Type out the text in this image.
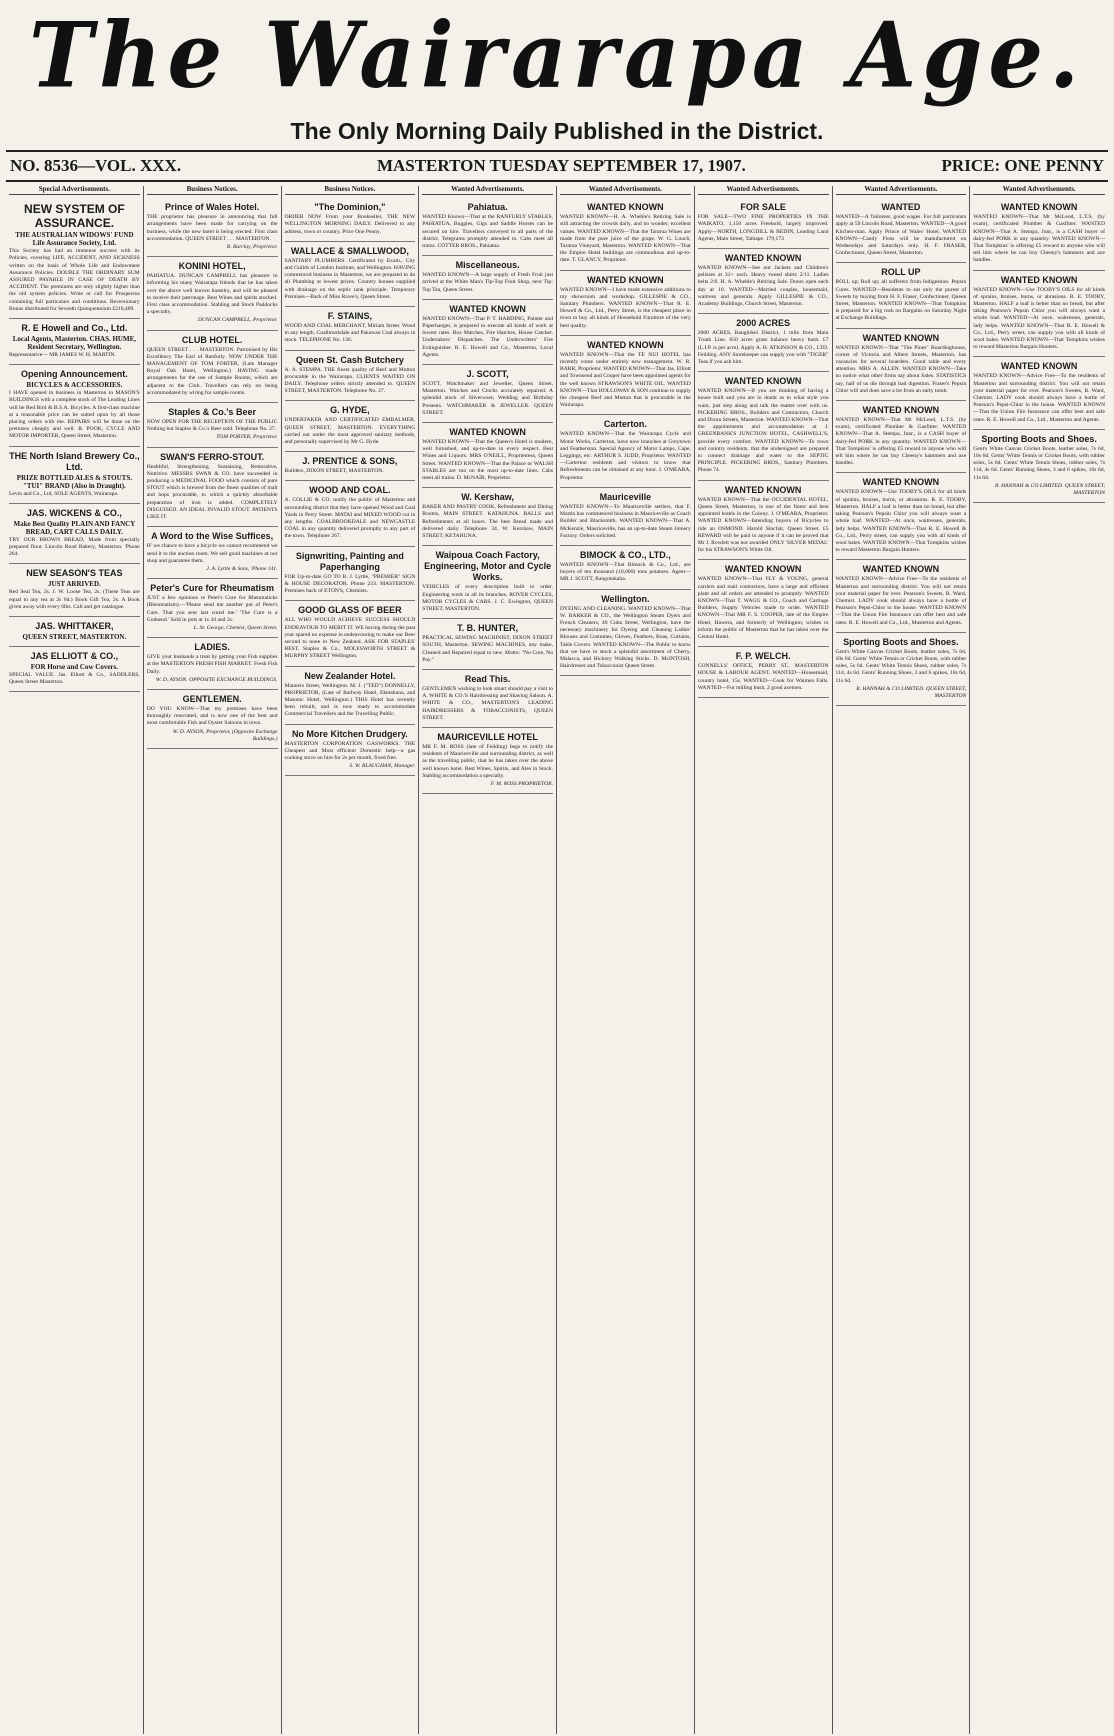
The Wairarapa Age.
The Only Morning Daily Published in the District.
NO. 8536—VOL. XXX.	MASTERTON TUESDAY SEPTEMBER 17, 1907.	PRICE: ONE PENNY
Special Advertisements.
NEW SYSTEM OF ASSURANCE.
THE AUSTRALIAN WIDOWS' FUND Life Assurance Society, Ltd.

This Society has had an immense success with its Policies, covering LIFE, ACCIDENT, AND SICKNESS written on the basis of Whole Life and Endowment Assurance Policies. DOUBLE THE ORDINARY SUM ASSURED PAYABLE IN CASE OF DEATH BY ACCIDENT. The premiums are only slightly higher than the old system policies. Write or call for Prospectus containing full particulars and conditions. Reversionary Bonus distributed for Seventh Quinquennium £210,489.

R. E Howell and Co., Ltd.
Local Agents, Masterton. CHAS. HUME, Resident Secretary, Wellington.

Representative— MR JAMES W. H. MARTIN.

Opening Announcement.
BICYCLES & ACCESSORIES.

I HAVE opened in business in Masterton in MASON'S BUILDINGS with a complete stock of The Leading Lines will be Red Bird & B.S.A. Bicycles. A first-class machine at a reasonable price can be suited upon by all those placing orders with me. REPAIRS will be done on the premises cheaply and well. R. POOK, CYCLE AND MOTOR IMPORTER, Queen Street, Masterton.

THE North Island Brewery Co., Ltd.
PRIZE BOTTLED ALES & STOUTS. "TUI" BRAND (Also in Draught).

Levin and Co., Ltd, SOLE AGENTS, Wairarapa.

JAS. WICKENS & CO.,
Make Best Quality PLAIN AND FANCY BREAD, CART CALLS DAILY.

TRY OUR BROWN BREAD, Made from specially prepared flour. Lincoln Road Bakery, Masterton. 'Phone 264.

NEW SEASON'S TEAS
JUST ARRIVED.

Red Seal Tea, 2s. J. W. Loose Tea, 2s. (These Teas are equal to any tea at 2s 6d.) Book Gift Tea, 2s. A Book given away with every 6lbs. Call and get catalogue.

JAS. WHITTAKER,
QUEEN STREET, MASTERTON.

JAS ELLIOTT & CO.,
FOR Horse and Cow Covers.

SPECIAL VALUE. Jas. Elliott & Co., SADDLERS, Queen Street Masterton.

Business Notices.
Prince of Wales Hotel.

THE proprietor has pleasure in announcing that full arrangements have been made for carrying on the business, while the new hotel is being erected. First class accommodation. QUEEN STREET . . . MASTERTON.

R. Barclay, Proprietor.

KONINI HOTEL,

PAHIATUA. DUNCAN CAMPBELL has pleasure in informing his many Wairarapa friends that he has taken over the above well known hostelry, and will be pleased to receive their patronage. Best Wines and spirits stocked. First class accommodation. Stabling and Stock Paddocks a specialty.

DUNCAN CAMPBELL, Proprietor.

CLUB HOTEL.

QUEEN STREET . . . MASTERTON. Patronised by His Excellency The Earl of Ranfurly. NOW UNDER THE MANAGEMENT OF TOM FORTER, (Late Manager Royal Oak Hotel, Wellington.) HAVING made arrangements for the use of Sample Rooms, which are adjacent to the Club. Travellers can rely on being accommodated by wiring for sample rooms.

Staples & Co.'s Beer

NOW OPEN FOR THE RECEPTION OF THE PUBLIC Nothing but Staples & Co.'s Beer sold. Telephone No. 27.

TOM PORTER, Proprietor.

SWAN'S FERRO-STOUT.

Healthful, Strengthening, Sustaining, Restorative, Nutritive. MESSRS SWAN & CO. have succeeded in producing a MEDICINAL FOOD which consists of pure STOUT which is brewed from the finest qualities of malt and hops procurable, to which a quickly absorbable preparation of iron is added. COMPLETELY DISGUISED. AN IDEAL INVALID STOUT. PATIENTS LIKE IT.

A Word to the Wise Suffices,

IF we chance to have a bicycle we cannot recommend we send it to the auction room. We sell good machines at our shop and guarantee them.

J. A. Lyttle & Sons, 'Phone 141.

Peter's Cure for Rheumatism

JUST a few opinions re Peter's Cure for Rheumaticks (Rheumatism).—'Please send me another pot of Peter's Cure. That you sent last cured me.' 'The Cure is a Godsend.' Sold in pots at 1s 3d and 2s.

L. St. George, Chemist, Queen Street.

LADIES.

GIVE your husbands a treat by getting your Fish supplies at the MASTERTON FRESH FISH MARKET. Fresh Fish Daily.

W. D. AYSON. OPPOSITE EXCHANGE BUILDINGS.

GENTLEMEN.

DO YOU KNOW—That my premises have been thoroughly renovated, and is now one of the best and most comfortable Fish and Oyster Saloons in town.

W. D. AYSON, Proprietor, (Opposite Exchange Buildings.)

Business Notices.
"The Dominion,"

ORDER NOW From your Bookseller, THE NEW WELLINGTON MORNING DAILY. Delivered to any address, town or country. Price One Penny.

WALLACE & SMALLWOOD,

SANITARY PLUMBERS. Certificated by Exam., City and Guilds of London Institute, and Wellington. HAVING commenced business in Masterton, we are prepared to do all Plumbing at lowest prices. Country houses supplied with drainage on the septic tank principle. Temporary Premises—Back of Miss Rowe's, Queen Street.

F. STAINS,

WOOD AND COAL MERCHANT, Miriam Street. Wood in any length. Coalbrookdale and Pakawau Coal always in stock. TELEPHONE No. 136.

Queen St. Cash Butchery

A. A. STEMPA. THE finest quality of Beef and Mutton procurable in the Wairarapa. CLIENTS WAITED ON DAILY. Telephone orders strictly attended to. QUEEN STREET, MASTERTON. Telephone No. 27.

G. HYDE,

UNDERTAKER AND CERTIFICATED EMBALMER, QUEEN STREET, MASTERTON. EVERYTHING carried out under the most approved sanitary methods, and personally supervised by Mr G. Hyde.

J. PRENTICE & SONS,

Builders, DIXON STREET, MASTERTON.

WOOD AND COAL.

A. COLLIE & CO. notify the public of Masterton and surrounding district that they have opened Wood and Coal Yards in Perry Street. MATAI and MIXED WOOD cut in any lengths. COALBROOKDALE and NEWCASTLE COAL in any quantity delivered promptly to any part of the town. Telephone 267.

Signwriting, Painting and Paperhanging

FOR Up-to-date GO TO R. J. Lyttle, "PREMIER" SIGN & HOUSE DECORATOR. Phone 233. MASTERTON. Premises back of ETON'S, Chemists.

GOOD GLASS OF BEER

ALL WHO WOULD ACHIEVE SUCCESS SHOULD ENDEAVOUR TO MERIT IT. WE having during the past year spared no expense in endeavouring to make our Beer second to none in New Zealand. ASK FOR STAPLES' BEST. Staples & Co., MOLESWORTH STREET & MURPHY STREET Wellington.

New Zealander Hotel.

Manners Street, Wellington. M. J. ("TED") DONNELLY, PROPRIETOR, (Late of Railway Hotel, Eketahuna, and Masonic Hotel, Wellington.) THIS Hotel has recently been rebuilt, and is now ready to accommodate Commercial Travellers and the Travelling Public.

No More Kitchen Drudgery.

MASTERTON CORPORATION GASWORKS. THE Cheapest and Most efficient Domestic help—a gas cooking stove on hire for 2s per month, fixed free.

S. W. BLAUGHAN, Manager.

Wanted Advertisements.
Pahiatua.

WANTED Known—That at the RANFURLY STABLES, PAHIATUA, Buggies, Gigs and Saddle Horses can be secured on hire. Travellers conveyed to all parts of the district. Telegrams promptly attended to. Cabs meet all trains. COTTER BROS., Pahiatua.

Miscellaneous.

WANTED KNOWN—A large supply of Fresh Fruit just arrived at the White Man's Tip-Top Fruit Shop, next Tip-Top Tea, Queen Street.

WANTED KNOWN

WANTED KNOWN—That P. T. HARDING, Painter and Paperhanger, is prepared to execute all kinds of work at lowest rates. Box Matches, Fire Hatches, House Catcher. Undertakers' Dispatches. The Underwriters' Fire Extinguisher. R. E. Howell and Co., Masterton, Local Agents.

J. SCOTT,

SCOTT, Watchmaker and Jeweller, Queen Street, Masterton. Watches and Clocks accurately repaired. A splendid stock of Silverware, Wedding and Birthday Presents. WATCHMAKER & JEWELLER. QUEEN STREET.

WANTED KNOWN

WANTED KNOWN—That the Queen's Hotel is modern, well furnished, and up-to-date in every respect. Best Wines and Liquors. MRS O'NEILL, Proprietress, Queen Street. WANTED KNOWN—That the Palace or WALSH STABLES are run on the most up-to-date lines. Cabs meet all trains. D. McNAIR, Proprietor.

W. Kershaw,

BAKER AND PASTRY COOK, Refreshment and Dining Rooms, MAIN STREET. KATAHUNA. BALLS and Refreshments at all hours. The best Bread made and delivered daily. Telephone 34. W. Kershaw, MAIN STREET, KETAHUNA.

Waipoua Coach Factory, Engineering, Motor and Cycle Works.

VEHICLES of every description built to order. Engineering work in all its branches. ROVER CYCLES, MOTOR CYCLES & CARS. J. C. Ewington, QUEEN STREET, MASTERTON.

T. B. HUNTER,

PRACTICAL SEWING MACHINIST, DIXON STREET SOUTH, Masterton. SEWING MACHINES, any make, Cleaned and Repaired equal to new. Motto: "No Cure, No Pay."

Read This.

GENTLEMEN wishing to look smart should pay a visit to A. WHITE & CO.'S Hairdressing and Shaving Saloon. A. WHITE & CO., MASTERTON'S LEADING HAIRDRESSERS & TOBACCONISTS, QUEEN STREET.

MAURICEVILLE HOTEL

MR F. M. ROSS (late of Feilding) begs to notify the residents of Mauriceville and surrounding district, as well as the travelling public, that he has taken over the above well known hotel. Best Wines, Spirits, and Ales in Stock. Stabling accommodation a specialty.

F. M. ROSS PROPRIETOR.

Wanted Advertisements.
WANTED KNOWN

WANTED KNOWN—H. A. Wheble's Retiring Sale is still attracting the crowds daily, and no wonder, excellent values. WANTED KNOWN—That the Tararua Wines are made from the pure juice of the grape. W. G. Louch, Tararua Vineyard, Masterton. WANTED KNOWN—That the Empire Hotel buildings are commodious and up-to-date. T. GLANCY, Proprietor.

WANTED KNOWN

WANTED KNOWN—I have made extensive additions to my showroom and workshop. GILLESPIE & CO., Sanitary Plumbers. WANTED KNOWN—That R. E. Howell & Co., Ltd., Perry Street, is the cheapest place in town to buy all kinds of Household Furniture of the very best quality.

WANTED KNOWN

WANTED KNOWN—That the TE NUI HOTEL has recently come under entirely new management. W. R. BARR, Proprietor. WANTED KNOWN—That Jas. Elliott and Townsend and Cooper have been appointed agents for the well known STRAWSON'S WHITE OIL. WANTED KNOWN—That HOLLOWAY & SON continue to supply the cheapest Beef and Mutton that is procurable in the Wairarapa.

Carterton.

WANTED KNOWN—That the Wairarapa Cycle and Motor Works, Carterton, have now branches at Greytown and Featherston. Special Agency of Motor Lamps, Cape, Leggings, etc. ARTHUR S. JUDD, Proprietor. WANTED—Carterton residents and visitors to know that Refreshments can be obtained at any hour. J. O'MEARA, Proprietor.

Mauriceville

WANTED KNOWN—To Mauriceville settlers, that F. Martin has commenced business in Mauriceville as Coach Builder and Blacksmith. WANTED KNOWN—That A. McKenzie, Mauriceville, has an up-to-date Steam Joinery Factory. Orders solicited.

BIMOCK & CO., LTD.,

WANTED KNOWN—That Bimock & Co., Ltd., are buyers of ten thousand (10,000) tons potatoes. Agent—MR J. SCOTT, Rangotukaha.

Wellington.

DYEING AND CLEANING. WANTED KNOWN—That W. BARKER & CO., the Wellington Steam Dyers and French Cleaners, 46 Cuba Street, Wellington, have the necessary machinery for Dyeing and Cleaning Ladies' Blouses and Costumes, Gloves, Feathers, Boas, Curtains, Table Covers. WANTED KNOWN—The Public to know that we have in stock a splendid assortment of Cherry, Malacca, and Hickory Walking Sticks. D. McINTOSH, Hairdresser and Tobacconist Queen Street.

Wanted Advertisements.
FOR SALE

FOR SALE—TWO FINE PROPERTIES IN THE WAIKATO, 1,150 acres Freehold, largely improved. Apply—NORTH, LONGDILL & BEDIN, Leading Land Agents, Main Street, Taihape. 179,173

WANTED KNOWN

WANTED KNOWN—See our Jackets and Children's pelisses at 31/- each. Heavy tweed shirts 2/11. Ladies belts 2/6. H. A. Wheble's Retiring Sale. Doors open each day at 10. WANTED—Married couples, housemaid, waitress and generals. Apply GILLESPIE & CO., Academy Buildings, Church Street, Masterton.

2000 ACRES

2000 ACRES, Rangitikei District, 1 mile from Main Trunk Line. 850 acres grass balance heavy bush. £7 (L.I.P. is per acre). Apply A. H. ATKINSON & CO., LTD. Feilding. ANY Storekeeper can supply you with "TIGER" Teas if you ask him.

WANTED KNOWN

WANTED KNOWN—If you are thinking of having a house built and you are in doubt as to what style you want, just step along and talk the matter over with us. PICKERING BROS., Builders and Contractors, Church and Dixon Streets, Masterton. WANTED KNOWN—That the appointments and accommodation at J. GREENBANK'S JUNCTION HOTEL, CASHWELL'S, provide every comfort. WANTED KNOWN—To town and country residents, that the undersigned are prepared to connect drainage and water to the SEPTIC PRINCIPLE. PICKERING BROS., Sanitary Plumbers. Phone 74.

WANTED KNOWN

WANTED KNOWN—That the OCCIDENTAL HOTEL, Queen Street, Masterton, is one of the finest and best appointed hotels in the Colony. J. O'MEARA, Proprietor. WANTED KNOWN—Intending buyers of Bicycles to ride an OSMOND. Harold Sinclair, Queen Street. £5 REWARD will be paid to anyone if it can be proved that Mr J. Rowlett was not awarded ONLY 'SILVER MEDAL' for his STRAWSON'S White Oil.

WANTED KNOWN

WANTED KNOWN—That FLY & YOUNG, general carriers and mail contractors, have a large and efficient plant and all orders are attended to promptly. WANTED KNOWN—That T. WAGG & CO., Coach and Carriage Builders, Supply Vehicles made to order. WANTED KNOWN—That MR F. S. COOPER, late of the Empire Hotel, Hawera, and formerly of Wellington, wishes to inform the public of Masterton that he has taken over the Central Hotel.

F. P. WELCH.

CONNELLS' OFFICE, PERRY ST., MASTERTON HOUSE & LABOUR AGENT. WANTED—Housemaid, country hotel, 15s. WANTED—Cook for Waimea Falls. WANTED—For milling bush, 2 good axemen.

Wanted Advertisements.
WANTED

WANTED—A Tailoress, good wages. For full particulars apply at 59 Lincoln Road, Masterton. WANTED—A good Kitchen-man. Apply Prince of Wales' Hotel. WANTED KNOWN—Candy Floss will be manufactured on Wednesdays and Saturdays only. H. F. FRASER, Confectioner, Queen Street, Masterton.

ROLL UP

ROLL up; Roll up; all sufferers from Indigestion. Pepsin Cures. WANTED—Residents to eat only the purest of Sweets by buying from H. F. Fraser, Confectioner, Queen Street, Masterton. WANTED KNOWN—That Tompkins is prepared for a big rush on Bargains on Saturday Night at Exchange Buildings.

WANTED KNOWN

WANTED KNOWN—That "The Pines" Boardinghouse, corner of Victoria and Albert Streets, Masterton, has vacancies for several boarders. Good table and every attention. MRS A. ALLEN. WANTED KNOWN—Take no notice what other firms say about Sales. STATISTICS say, half of us die through bad digestion. Fraser's Pepsin Chlor will and does save a lot from an early tomb.

WANTED KNOWN

WANTED KNOWN—That Mr McLeod, L.T.S. (by exam), certificated Plumber & Gasfitter. WANTED KNOWN—That A. Stempa, Junr., is a CASH buyer of dairy-fed PORK in any quantity. WANTED KNOWN—That Tompkins' is offering £5 reward to anyone who will tell him where he can buy Cheeny's hammers and axe handles.

WANTED KNOWN

WANTED KNOWN—Use TOOBY'S OILS for all kinds of sprains, bruises, burns, or abrasions. R. E. TOOBY, Masterton. HALF a loaf is better than no bread, but after taking Pearson's Pepsin Chlor you will always want a whole loaf. WANTED—At once, waitresses, generals, lady helps. WANTED KNOWN—That R. E. Howell & Co., Ltd., Perry street, can supply you with all kinds of wool bales. WANTED KNOWN—That Tompkins wishes to reward Masterton Bargain Hunters.

WANTED KNOWN

WANTED KNOWN—Advice Free—To the residents of Masterton and surrounding district. You will not retain your material paper for ever. Pearson's Sweets, R. Ward, Chemist. LADY cook should always have a bottle of Pearson's Pepsi-Chlor in the house. WANTED KNOWN—That the Union Fire Insurance can offer best and safe rates. R. E. Howell and Co., Ltd., Masterton and Agents.

Sporting Boots and Shoes.

Gent's White Canvas Cricket Boots, leather soles, 7s 6d, 10s 6d. Gents' White Tennis or Cricket Boots, with rubber soles, 5s 6d. Gents' White Tennis Shoes, rubber soles, 7s 11d, 4s 6d. Gents' Running Shoes, 3 and 6 spikes, 10s 6d, 11s 6d.

R. HANNAH & CO LIMITED. QUEEN STREET, MASTERTON

Wanted Advertisements.
WANTED KNOWN

WANTED KNOWN—That Mr McLeod, L.T.S. (by exam), certificated Plumber & Gasfitter. WANTED KNOWN—That A. Stempa, Junr., is a CASH buyer of dairy-fed PORK in any quantity. WANTED KNOWN—That Tompkins' is offering £5 reward to anyone who will tell him where he can buy Cheeny's hammers and axe handles.

WANTED KNOWN

WANTED KNOWN—Use TOOBY'S OILS for all kinds of sprains, bruises, burns, or abrasions. R. E. TOOBY, Masterton. HALF a loaf is better than no bread, but after taking Pearson's Pepsin Chlor you will always want a whole loaf. WANTED—At once, waitresses, generals, lady helps. WANTED KNOWN—That R. E. Howell & Co., Ltd., Perry street, can supply you with all kinds of wool bales. WANTED KNOWN—That Tompkins wishes to reward Masterton Bargain Hunters.

WANTED KNOWN

WANTED KNOWN—Advice Free—To the residents of Masterton and surrounding district. You will not retain your material paper for ever. Pearson's Sweets, R. Ward, Chemist. LADY cook should always have a bottle of Pearson's Pepsi-Chlor in the house. WANTED KNOWN—That the Union Fire Insurance can offer best and safe rates. R. E. Howell and Co., Ltd., Masterton and Agents.

Sporting Boots and Shoes.

Gent's White Canvas Cricket Boots, leather soles, 7s 6d, 10s 6d. Gents' White Tennis or Cricket Boots, with rubber soles, 5s 6d. Gents' White Tennis Shoes, rubber soles, 7s 11d, 4s 6d. Gents' Running Shoes, 3 and 6 spikes, 10s 6d, 11s 6d.

R. HANNAH & CO LIMITED. QUEEN STREET, MASTERTON
